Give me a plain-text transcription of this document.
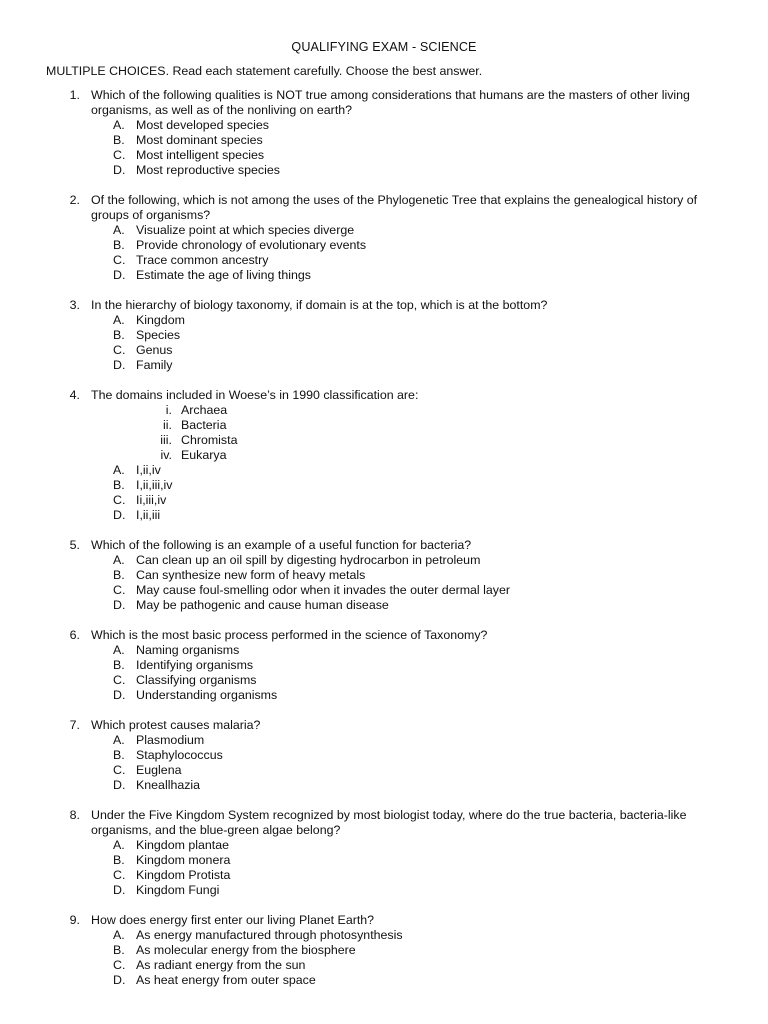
QUALIFYING EXAM - SCIENCE
MULTIPLE CHOICES. Read each statement carefully. Choose the best answer.
1. Which of the following qualities is NOT true among considerations that humans are the masters of other living organisms, as well as of the nonliving on earth?
A. Most developed species
B. Most dominant species
C. Most intelligent species
D. Most reproductive species
2. Of the following, which is not among the uses of the Phylogenetic Tree that explains the genealogical history of groups of organisms?
A. Visualize point at which species diverge
B. Provide chronology of evolutionary events
C. Trace common ancestry
D. Estimate the age of living things
3. In the hierarchy of biology taxonomy, if domain is at the top, which is at the bottom?
A. Kingdom
B. Species
C. Genus
D. Family
4. The domains included in Woese’s in 1990 classification are:
i. Archaea
ii. Bacteria
iii. Chromista
iv. Eukarya
A. I,ii,iv
B. I,ii,iii,iv
C. Ii,iii,iv
D. I,ii,iii
5. Which of the following is an example of a useful function for bacteria?
A. Can clean up an oil spill by digesting hydrocarbon in petroleum
B. Can synthesize new form of heavy metals
C. May cause foul-smelling odor when it invades the outer dermal layer
D. May be pathogenic and cause human disease
6. Which is the most basic process performed in the science of Taxonomy?
A. Naming organisms
B. Identifying organisms
C. Classifying organisms
D. Understanding organisms
7. Which protest causes malaria?
A. Plasmodium
B. Staphylococcus
C. Euglena
D. Kneallhazia
8. Under the Five Kingdom System recognized by most biologist today, where do the true bacteria, bacteria-like organisms, and the blue-green algae belong?
A. Kingdom plantae
B. Kingdom monera
C. Kingdom Protista
D. Kingdom Fungi
9. How does energy first enter our living Planet Earth?
A. As energy manufactured through photosynthesis
B. As molecular energy from the biosphere
C. As radiant energy from the sun
D. As heat energy from outer space
